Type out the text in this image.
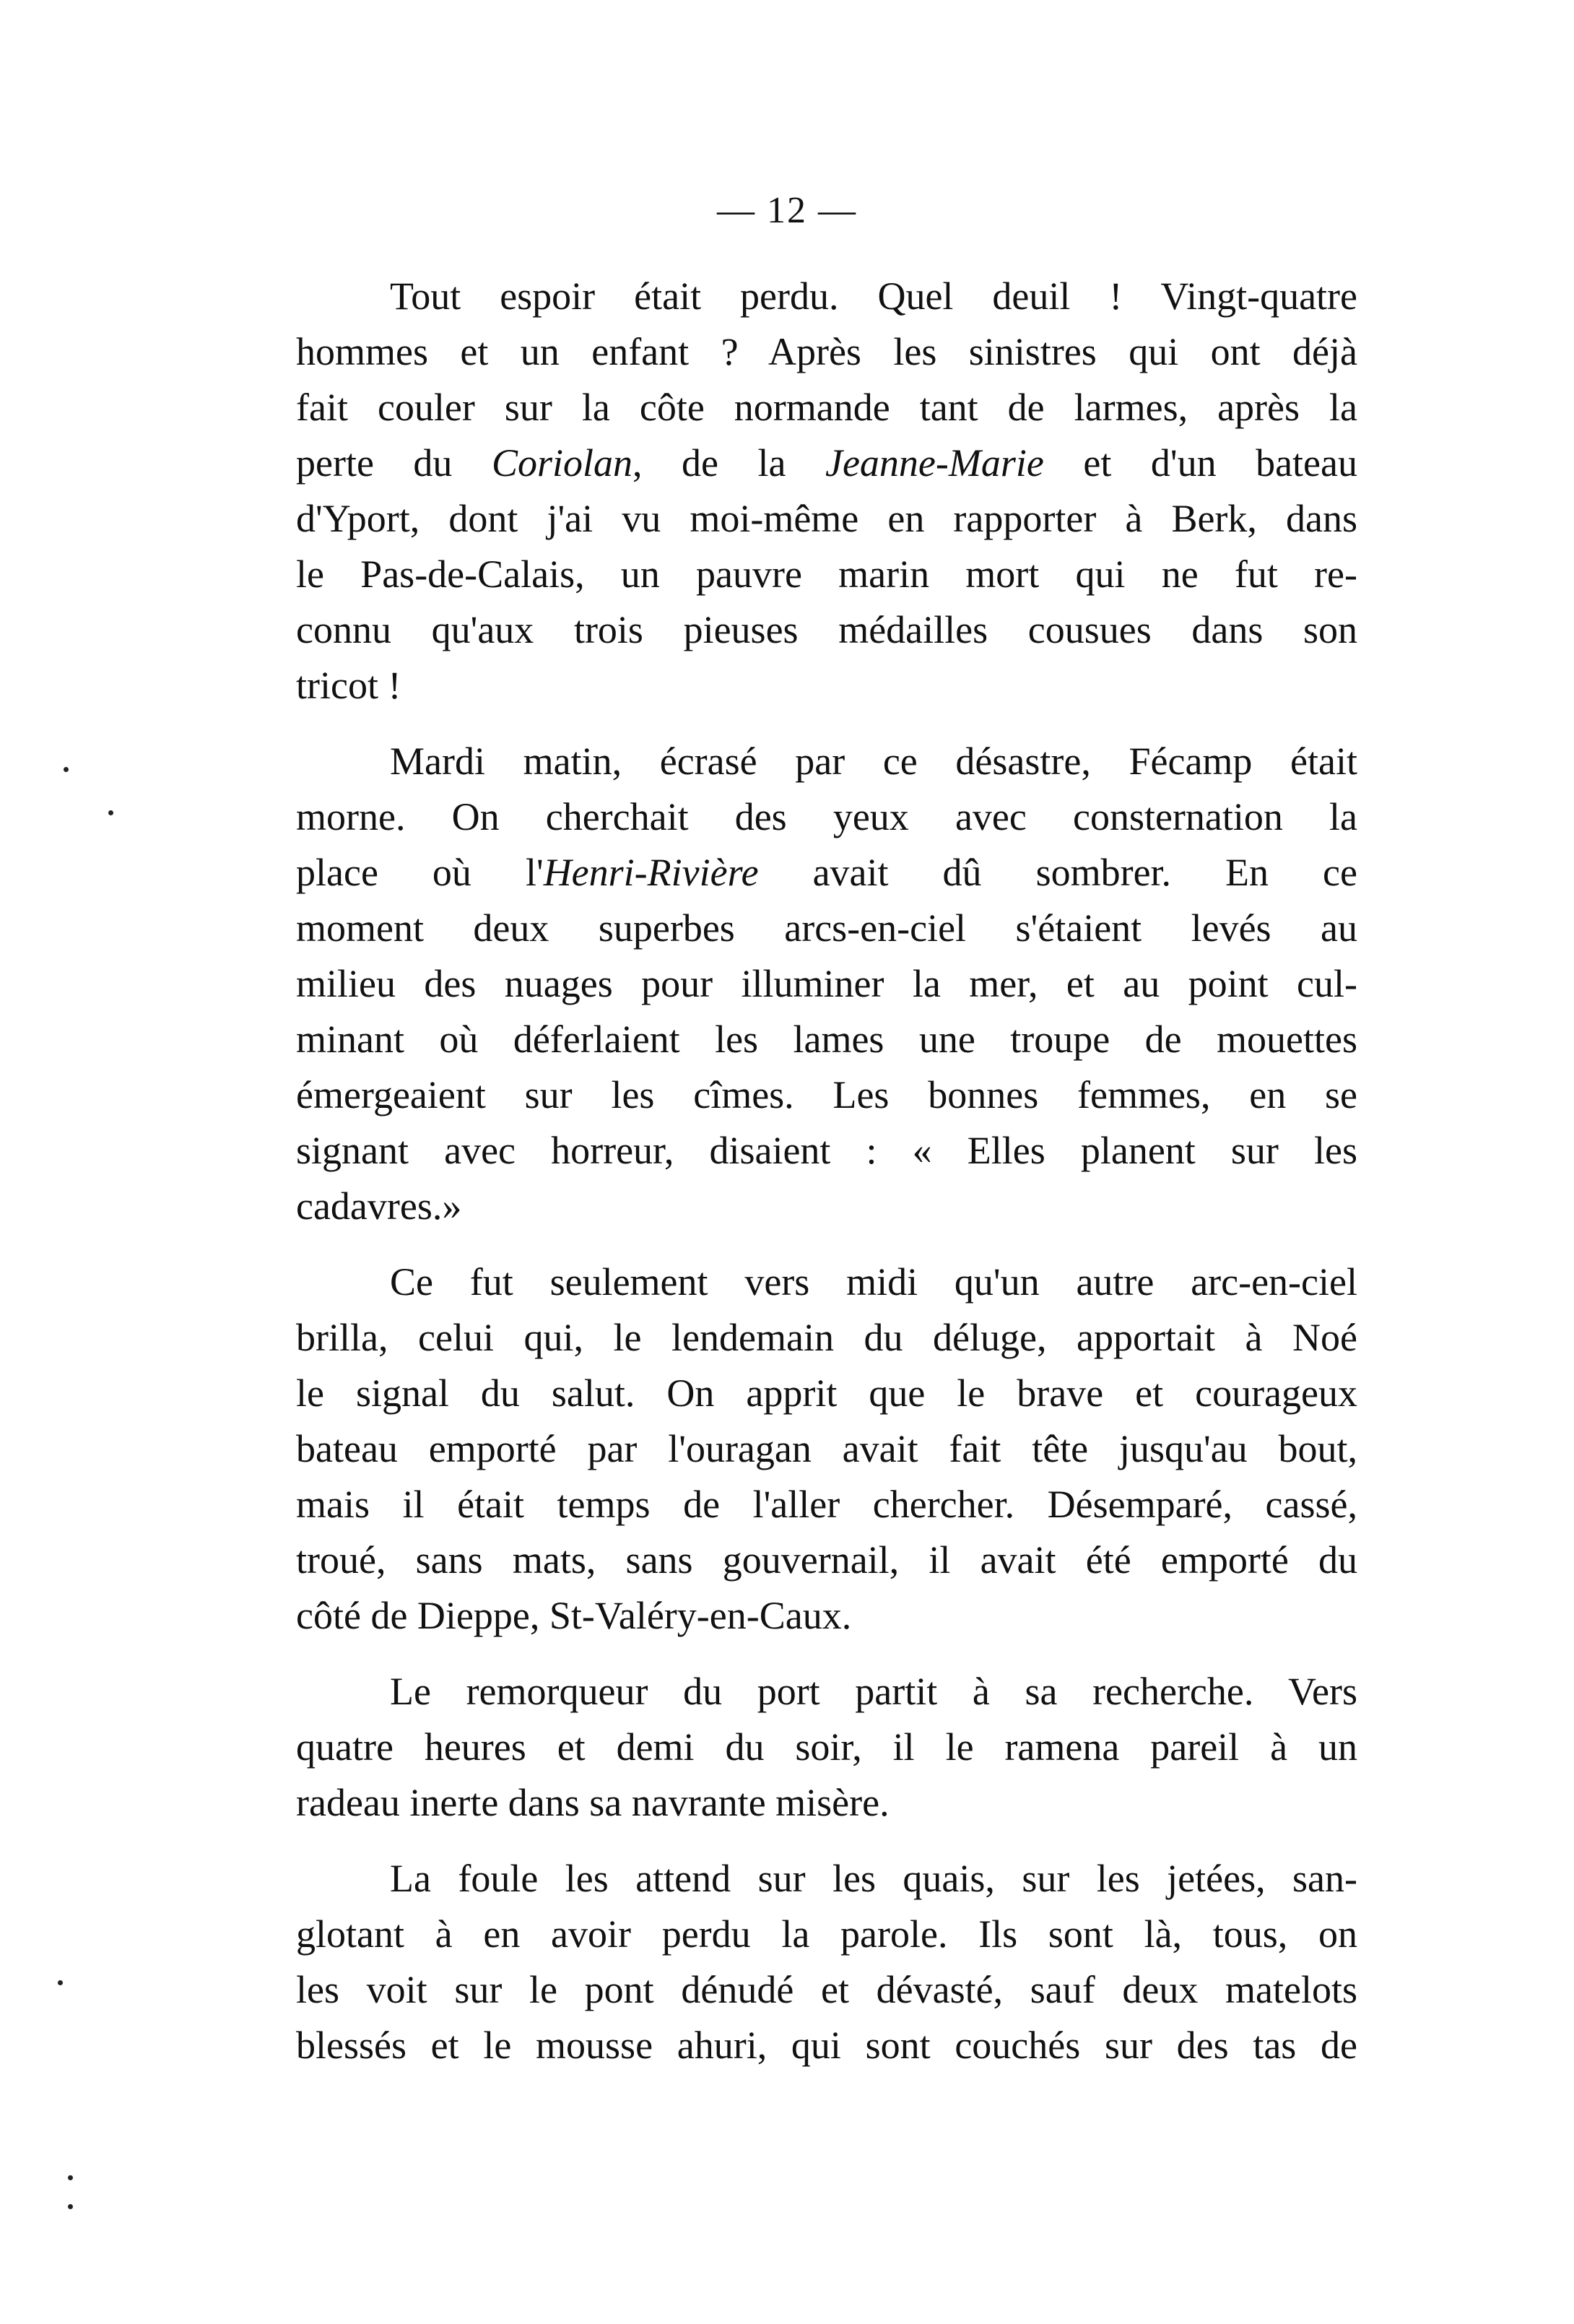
— 12 —
Tout espoir était perdu. Quel deuil ! Vingt-quatre
hommes et un enfant ? Après les sinistres qui ont déjà
fait couler sur la côte normande tant de larmes, après la
perte du Coriolan, de la Jeanne-Marie et d'un bateau
d'Yport, dont j'ai vu moi-même en rapporter à Berk, dans
le Pas-de-Calais, un pauvre marin mort qui ne fut re-
connu qu'aux trois pieuses médailles cousues dans son
tricot !
Mardi matin, écrasé par ce désastre, Fécamp était
morne. On cherchait des yeux avec consternation la
place où l'Henri-Rivière avait dû sombrer. En ce
moment deux superbes arcs-en-ciel s'étaient levés au
milieu des nuages pour illuminer la mer, et au point cul-
minant où déferlaient les lames une troupe de mouettes
émergeaient sur les cîmes. Les bonnes femmes, en se
signant avec horreur, disaient : « Elles planent sur les
cadavres.»
Ce fut seulement vers midi qu'un autre arc-en-ciel
brilla, celui qui, le lendemain du déluge, apportait à Noé
le signal du salut. On apprit que le brave et courageux
bateau emporté par l'ouragan avait fait tête jusqu'au bout,
mais il était temps de l'aller chercher. Désemparé, cassé,
troué, sans mats, sans gouvernail, il avait été emporté du
côté de Dieppe, St-Valéry-en-Caux.
Le remorqueur du port partit à sa recherche. Vers
quatre heures et demi du soir, il le ramena pareil à un
radeau inerte dans sa navrante misère.
La foule les attend sur les quais, sur les jetées, san-
glotant à en avoir perdu la parole. Ils sont là, tous, on
les voit sur le pont dénudé et dévasté, sauf deux matelots
blessés et le mousse ahuri, qui sont couchés sur des tas de
